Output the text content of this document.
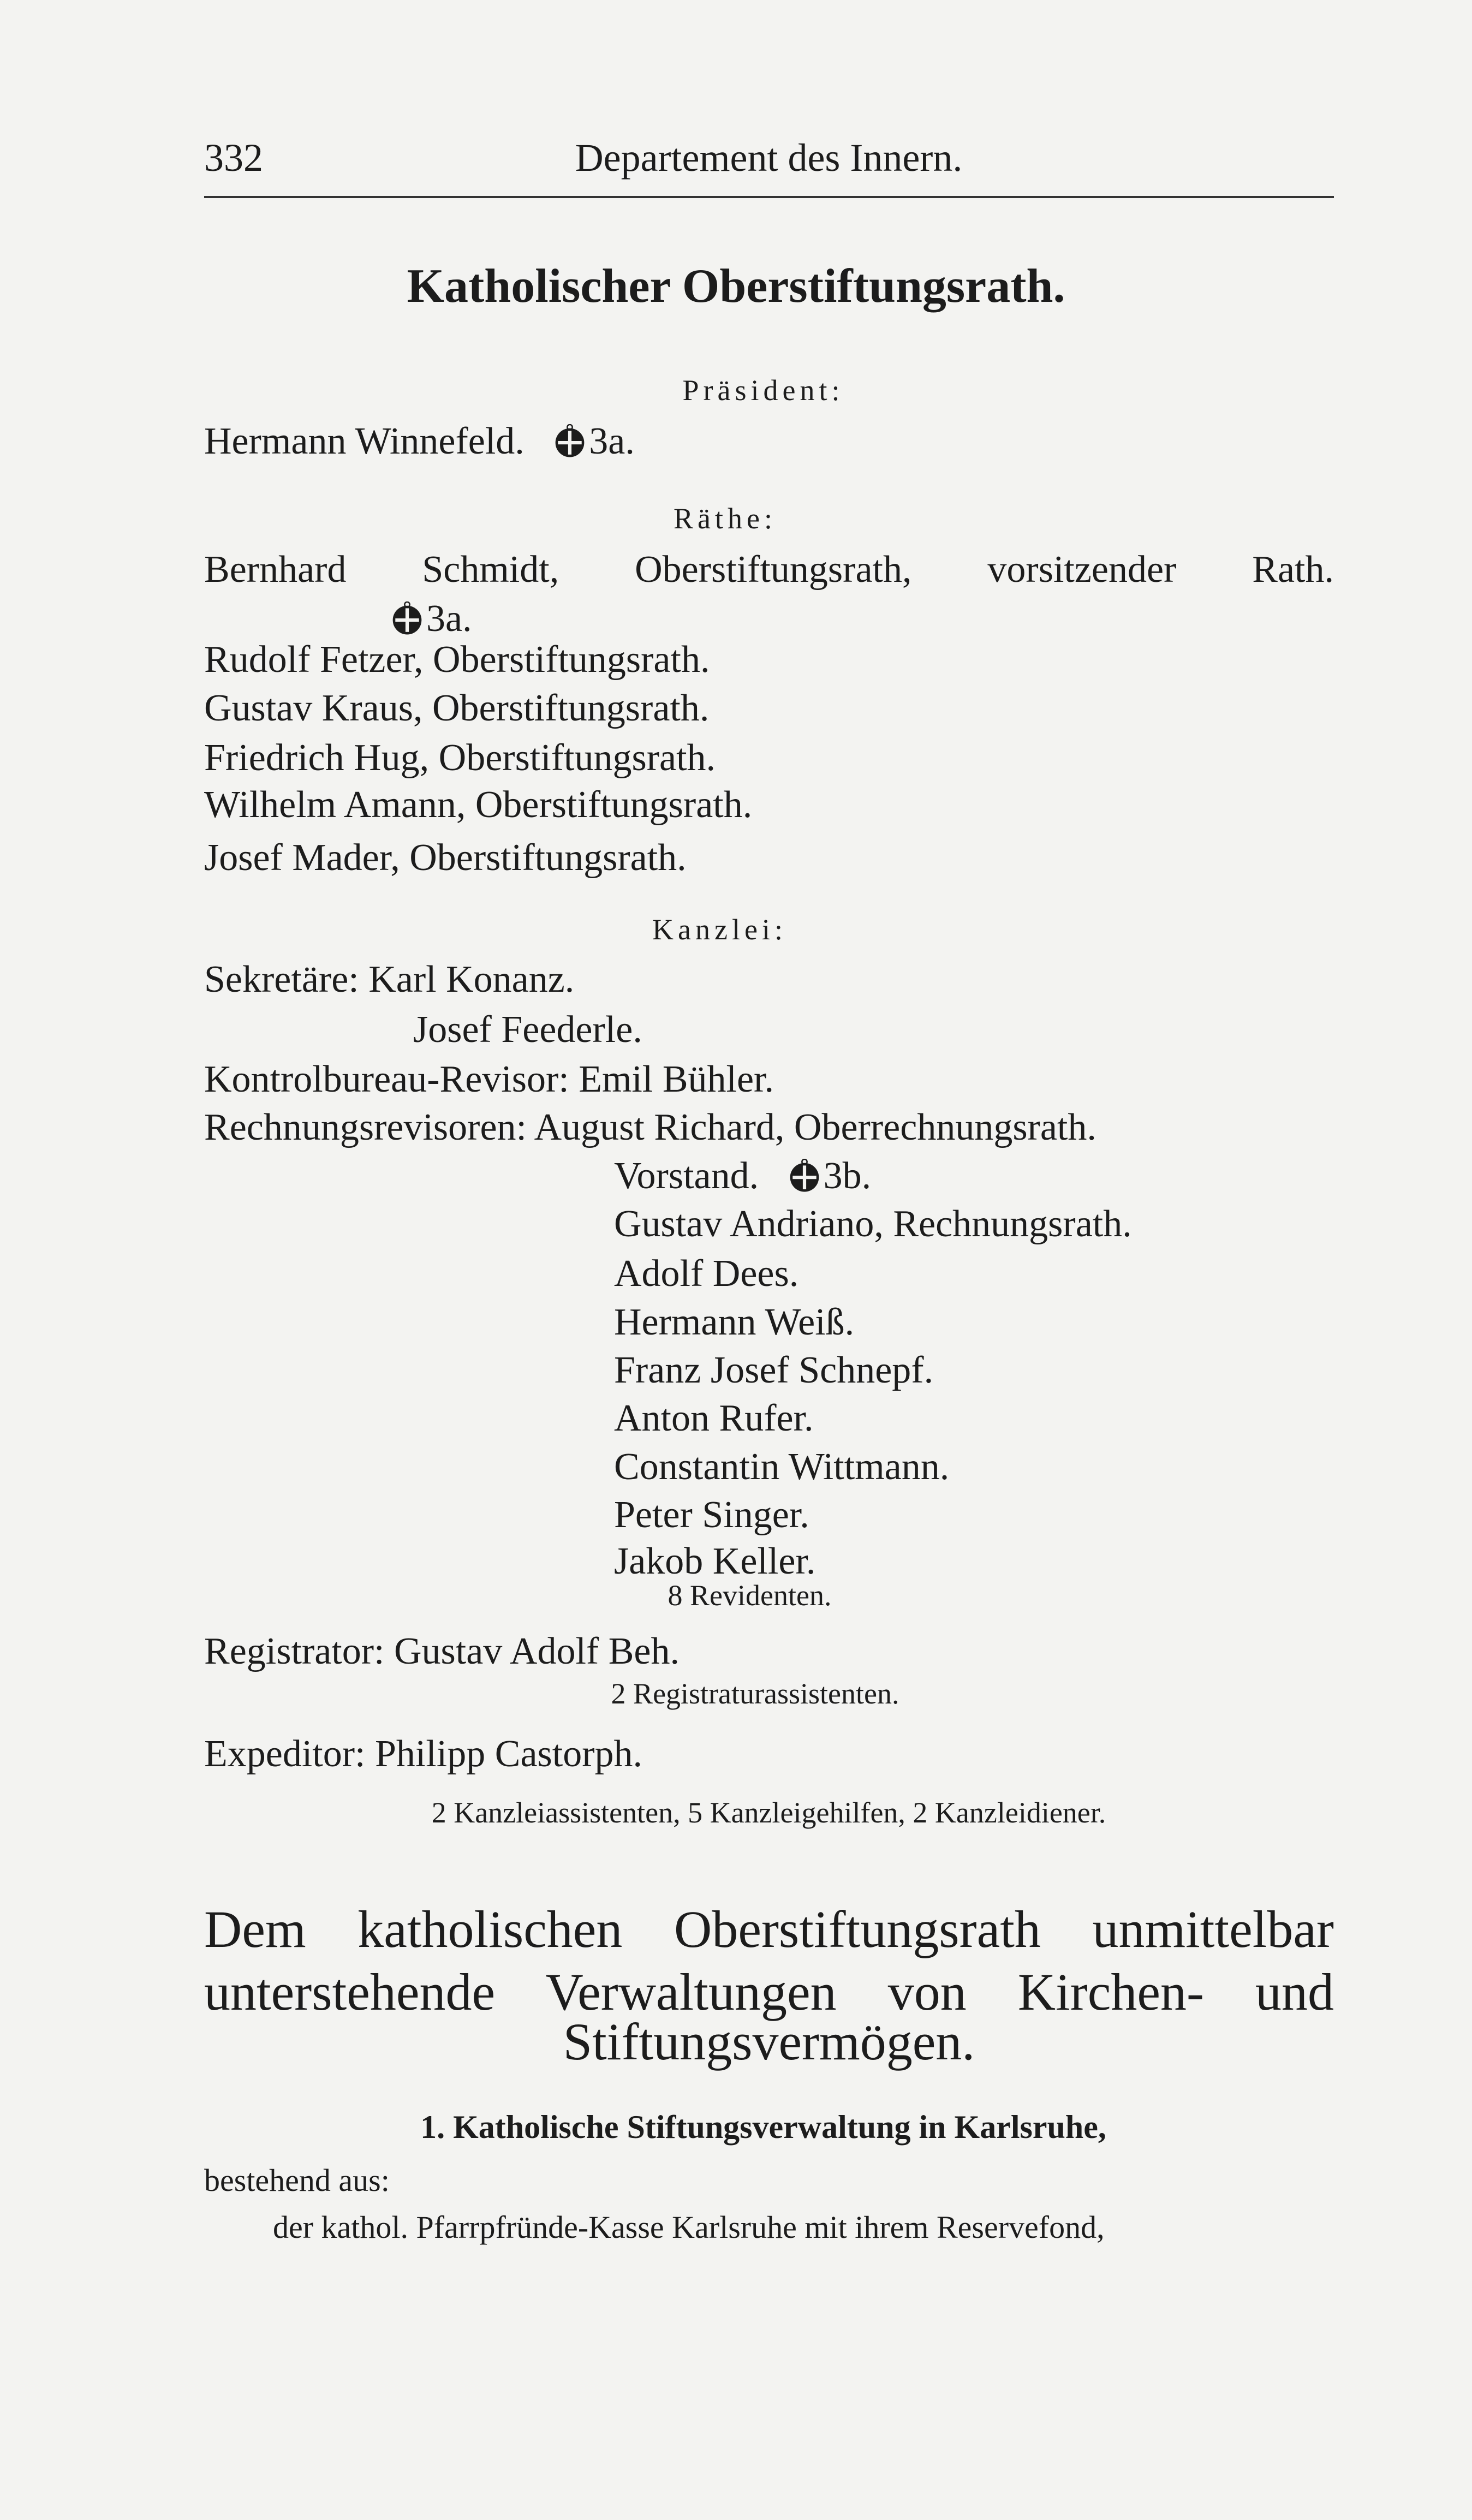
332	Departement des Innern.
Katholischer Oberstiftungsrath.
Präsident:
Hermann Winnefeld. 3a.
Räthe:
Bernhard Schmidt, Oberstiftungsrath, vorsitzender Rath.
3a.
Rudolf Fetzer, Oberstiftungsrath.
Gustav Kraus, Oberstiftungsrath.
Friedrich Hug, Oberstiftungsrath.
Wilhelm Amann, Oberstiftungsrath.
Josef Mader, Oberstiftungsrath.
Kanzlei:
Sekretäre: Karl Konanz.
Josef Feederle.
Kontrolbureau-Revisor: Emil Bühler.
Rechnungsrevisoren: August Richard, Oberrechnungsrath.
Vorstand. 3b.
Gustav Andriano, Rechnungsrath.
Adolf Dees.
Hermann Weiß.
Franz Josef Schnepf.
Anton Rufer.
Constantin Wittmann.
Peter Singer.
Jakob Keller.
8 Revidenten.
Registrator: Gustav Adolf Beh.
2 Registraturassistenten.
Expeditor: Philipp Castorph.
2 Kanzleiassistenten, 5 Kanzleigehilfen, 2 Kanzleidiener.
Dem katholischen Oberstiftungsrath unmittelbar
unterstehende Verwaltungen von Kirchen- und
Stiftungsvermögen.
1. Katholische Stiftungsverwaltung in Karlsruhe,
bestehend aus:
der kathol. Pfarrpfründe-Kasse Karlsruhe mit ihrem Reservefond,
